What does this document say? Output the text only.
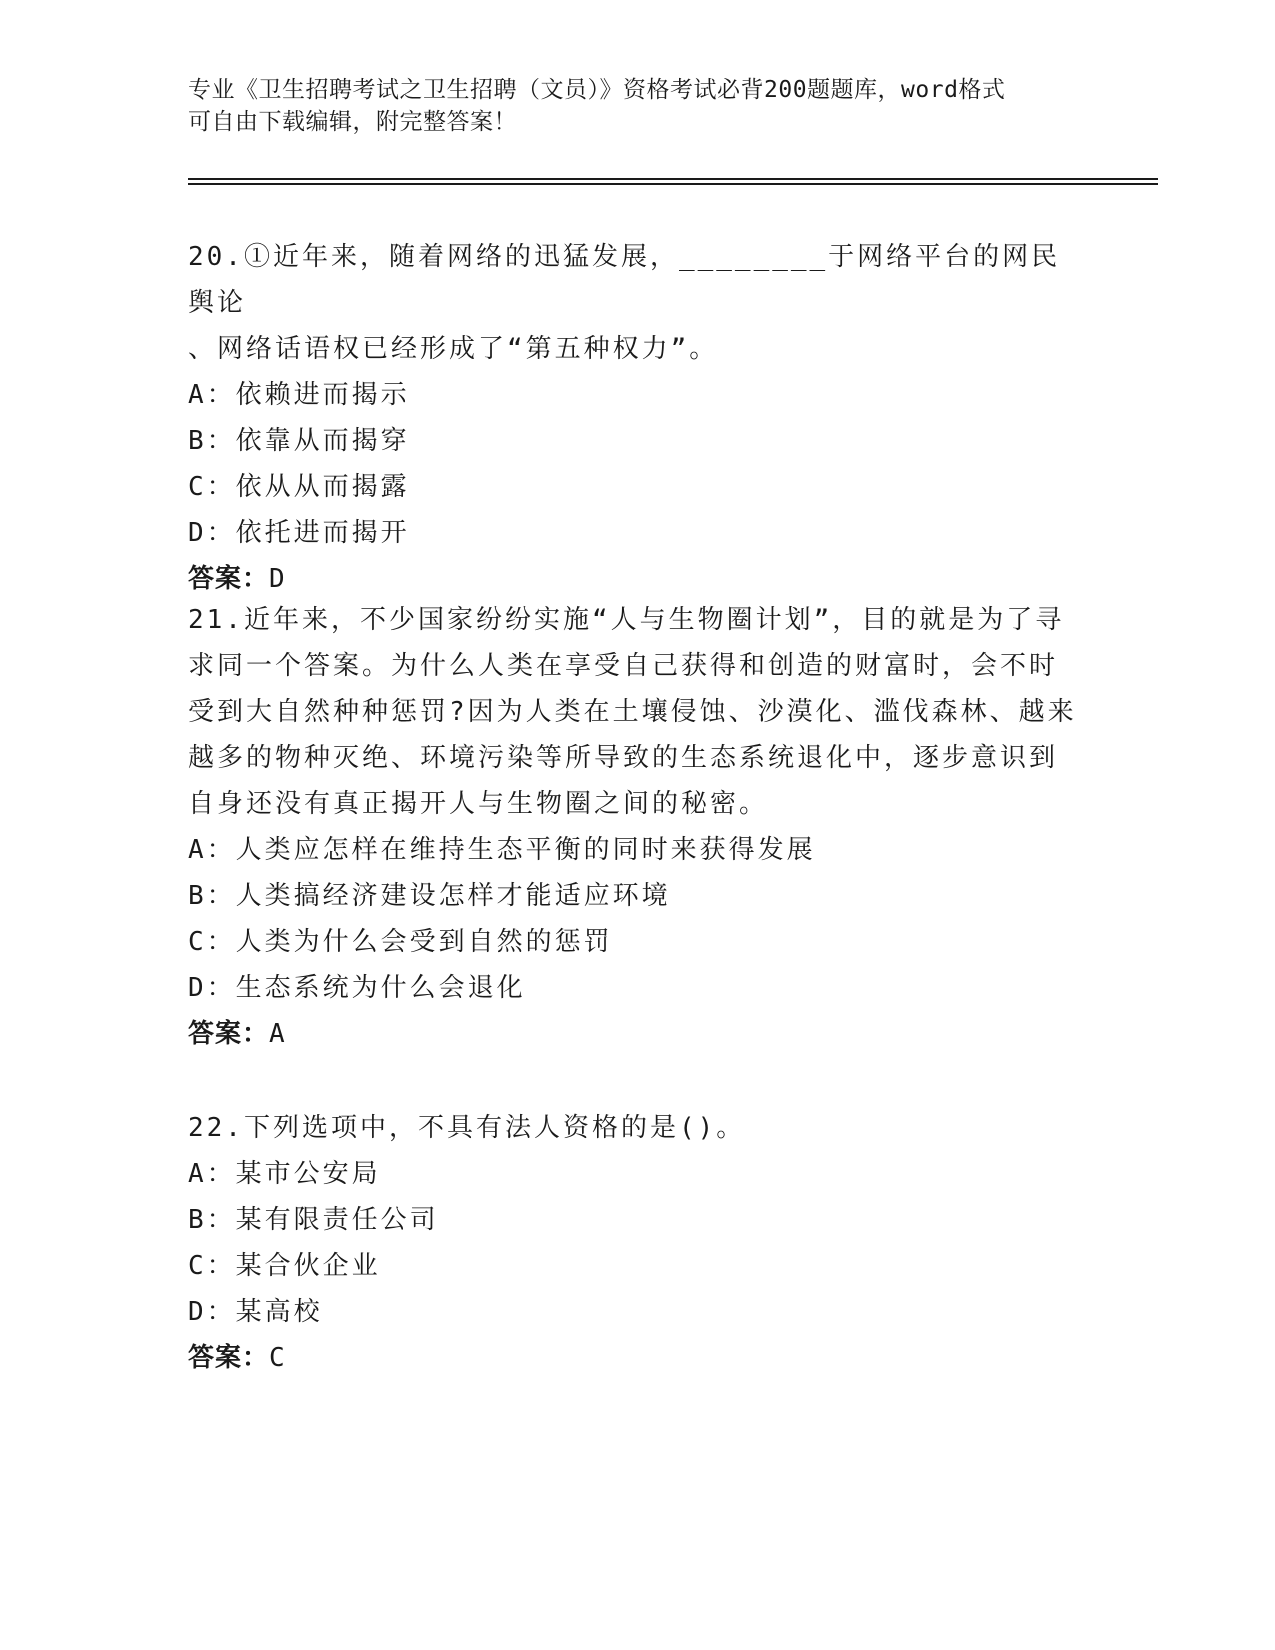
专业《卫生招聘考试之卫生招聘（文员）》资格考试必背200题题库，word格式
可自由下载编辑，附完整答案！

20.①近年来，随着网络的迅猛发展，________于网络平台的网民舆论

、网络话语权已经形成了“第五种权力”。

A：依赖进而揭示

B：依靠从而揭穿

C：依从从而揭露

D：依托进而揭开

答案：D

21.近年来，不少国家纷纷实施“人与生物圈计划”，目的就是为了寻

求同一个答案。为什么人类在享受自己获得和创造的财富时，会不时

受到大自然种种惩罚?因为人类在土壤侵蚀、沙漠化、滥伐森林、越来

越多的物种灭绝、环境污染等所导致的生态系统退化中，逐步意识到

自身还没有真正揭开人与生物圈之间的秘密。

A：人类应怎样在维持生态平衡的同时来获得发展

B：人类搞经济建设怎样才能适应环境

C：人类为什么会受到自然的惩罚

D：生态系统为什么会退化

答案：A

22.下列选项中，不具有法人资格的是()。

A：某市公安局

B：某有限责任公司

C：某合伙企业

D：某高校

答案：C
